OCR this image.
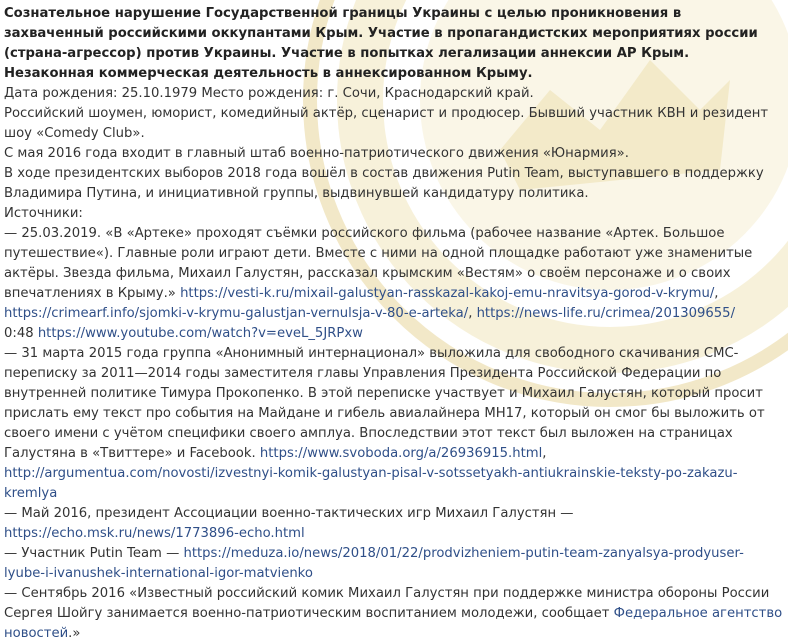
Сознательное нарушение Государственной границы Украины с целью проникновения в захваченный российскими оккупантами Крым. Участие в пропагандистских мероприятиях россии (страна-агрессор) против Украины. Участие в попытках легализации аннексии АР Крым.

Незаконная коммерческая деятельность в аннексированном Крыму.

Дата рождения: 25.10.1979 Место рождения: г. Сочи, Краснодарский край.

Российский шоумен, юморист, комедийный актёр, сценарист и продюсер. Бывший участник КВН и резидент шоу «Comedy Club».

С мая 2016 года входит в главный штаб военно-патриотического движения «Юнармия».

В ходе президентских выборов 2018 года вошёл в состав движения Putin Team, выступавшего в поддержку Владимира Путина, и инициативной группы, выдвинувшей кандидатуру политика.

Источники:

— 25.03.2019. «В «Артеке» проходят съёмки российского фильма (рабочее название «Артек. Большое путешествие«). Главные роли играют дети. Вместе с ними на одной площадке работают уже знаменитые актёры. Звезда фильма, Михаил Галустян, рассказал крымским «Вестям» о своём персонаже и о своих впечатлениях в Крыму.» https://vesti-k.ru/mixail-galustyan-rasskazal-kakoj-emu-nravitsya-gorod-v-krymu/, https://crimearf.info/sjomki-v-krymu-galustjan-vernulsja-v-80-e-arteka/, https://news-life.ru/crimea/201309655/

0:48 https://www.youtube.com/watch?v=eveL_5JRPxw

— 31 марта 2015 года группа «Анонимный интернационал» выложила для свободного скачивания СМС-переписку за 2011—2014 годы заместителя главы Управления Президента Российской Федерации по внутренней политике Тимура Прокопенко. В этой переписке участвует и Михаил Галустян, который просит прислать ему текст про события на Майдане и гибель авиалайнера МН17, который он смог бы выложить от своего имени с учётом специфики своего амплуа. Впоследствии этот текст был выложен на страницах Галустяна в «Твиттере» и Facebook. https://www.svoboda.org/a/26936915.html, http://argumentua.com/novosti/izvestnyi-komik-galustyan-pisal-v-sotssetyakh-antiukrainskie-teksty-po-zakazu-kremlya

— Май 2016, президент Ассоциации военно-тактических игр Михаил Галустян — https://echo.msk.ru/news/1773896-echo.html

— Участник Putin Team — https://meduza.io/news/2018/01/22/prodvizheniem-putin-team-zanyalsya-prodyuser-lyube-i-ivanushek-international-igor-matvienko

— Сентябрь 2016 «Известный российский комик Михаил Галустян при поддержке министра обороны России Сергея Шойгу занимается военно-патриотическим воспитанием молодежи, сообщает Федеральное агентство новостей.»
